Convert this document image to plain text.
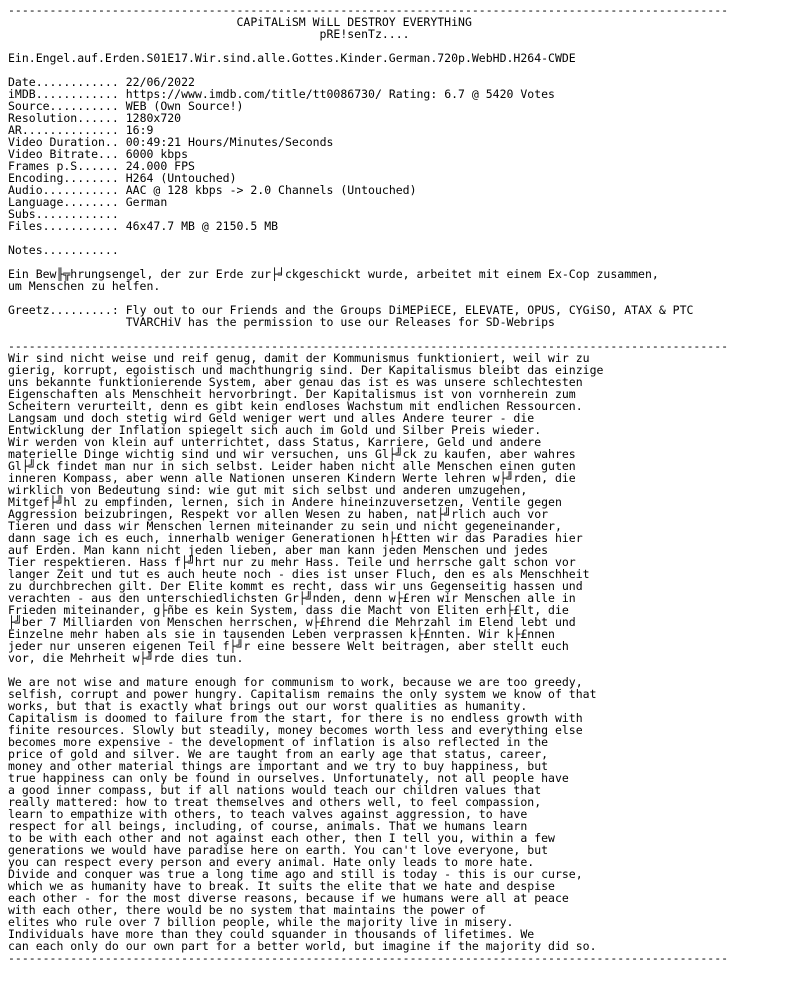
--------------------------------------------------------------------------------------------------------
CAPiTALiSM WiLL DESTROY EVERYTHiNG
pRE!senTz....

Ein.Engel.auf.Erden.S01E17.Wir.sind.alle.Gottes.Kinder.German.720p.WebHD.H264-CWDE

Date............ 22/06/2022
iMDB............ https://www.imdb.com/title/tt0086730/ Rating: 6.7 @ 5420 Votes
Source.......... WEB (Own Source!)
Resolution...... 1280x720
AR.............. 16:9
Video Duration.. 00:49:21 Hours/Minutes/Seconds
Video Bitrate... 6000 kbps
Frames p.S...... 24.000 FPS
Encoding........ H264 (Untouched)
Audio........... AAC @ 128 kbps -> 2.0 Channels (Untouched)
Language........ German
Subs............
Files........... 46x47.7 MB @ 2150.5 MB

Notes...........

Ein Bew╟╦hrungsengel, der zur Erde zur├╛ckgeschickt wurde, arbeitet mit einem Ex-Cop zusammen,
um Menschen zu helfen.

Greetz.........: Fly out to our Friends and the Groups DiMEPiECE, ELEVATE, OPUS, CYGiSO, ATAX & PTC
TVARCHiV has the permission to use our Releases for SD-Webrips

--------------------------------------------------------------------------------------------------------
Wir sind nicht weise und reif genug, damit der Kommunismus funktioniert, weil wir zu
gierig, korrupt, egoistisch und machthungrig sind. Der Kapitalismus bleibt das einzige
uns bekannte funktionierende System, aber genau das ist es was unsere schlechtesten
Eigenschaften als Menschheit hervorbringt. Der Kapitalismus ist von vornherein zum
Scheitern verurteilt, denn es gibt kein endloses Wachstum mit endlichen Ressourcen.
Langsam und doch stetig wird Geld weniger wert und alles Andere teurer - die
Entwicklung der Inflation spiegelt sich auch im Gold und Silber Preis wieder.
Wir werden von klein auf unterrichtet, dass Status, Karriere, Geld und andere
materielle Dinge wichtig sind und wir versuchen, uns Gl├╝ck zu kaufen, aber wahres
Gl├╝ck findet man nur in sich selbst. Leider haben nicht alle Menschen einen guten
inneren Kompass, aber wenn alle Nationen unseren Kindern Werte lehren w├╝rden, die
wirklich von Bedeutung sind: wie gut mit sich selbst und anderen umzugehen,
Mitgef├╝hl zu empfinden, lernen, sich in Andere hineinzuversetzen, Ventile gegen
Aggression beizubringen, Respekt vor allen Wesen zu haben, nat├╝rlich auch vor
Tieren und dass wir Menschen lernen miteinander zu sein und nicht gegeneinander,
dann sage ich es euch, innerhalb weniger Generationen h├£tten wir das Paradies hier
auf Erden. Man kann nicht jeden lieben, aber man kann jeden Menschen und jedes
Tier respektieren. Hass f├╝hrt nur zu mehr Hass. Teile und herrsche galt schon vor
langer Zeit und tut es auch heute noch - dies ist unser Fluch, den es als Menschheit
zu durchbrechen gilt. Der Elite kommt es recht, dass wir uns Gegenseitig hassen und
verachten - aus den unterschiedlichsten Gr├╝nden, denn w├£ren wir Menschen alle in
Frieden miteinander, g├ñbe es kein System, dass die Macht von Eliten erh├£lt, die
├╝ber 7 Milliarden von Menschen herrschen, w├£hrend die Mehrzahl im Elend lebt und
Einzelne mehr haben als sie in tausenden Leben verprassen k├£nnten. Wir k├£nnen
jeder nur unseren eigenen Teil f├╝r eine bessere Welt beitragen, aber stellt euch
vor, die Mehrheit w├╝rde dies tun.

We are not wise and mature enough for communism to work, because we are too greedy,
selfish, corrupt and power hungry. Capitalism remains the only system we know of that
works, but that is exactly what brings out our worst qualities as humanity.
Capitalism is doomed to failure from the start, for there is no endless growth with
finite resources. Slowly but steadily, money becomes worth less and everything else
becomes more expensive - the development of inflation is also reflected in the
price of gold and silver. We are taught from an early age that status, career,
money and other material things are important and we try to buy happiness, but
true happiness can only be found in ourselves. Unfortunately, not all people have
a good inner compass, but if all nations would teach our children values that
really mattered: how to treat themselves and others well, to feel compassion,
learn to empathize with others, to teach valves against aggression, to have
respect for all beings, including, of course, animals. That we humans learn
to be with each other and not against each other, then I tell you, within a few
generations we would have paradise here on earth. You can't love everyone, but
you can respect every person and every animal. Hate only leads to more hate.
Divide and conquer was true a long time ago and still is today - this is our curse,
which we as humanity have to break. It suits the elite that we hate and despise
each other - for the most diverse reasons, because if we humans were all at peace
with each other, there would be no system that maintains the power of
elites who rule over 7 billion people, while the majority live in misery.
Individuals have more than they could squander in thousands of lifetimes. We
can each only do our own part for a better world, but imagine if the majority did so.
--------------------------------------------------------------------------------------------------------
